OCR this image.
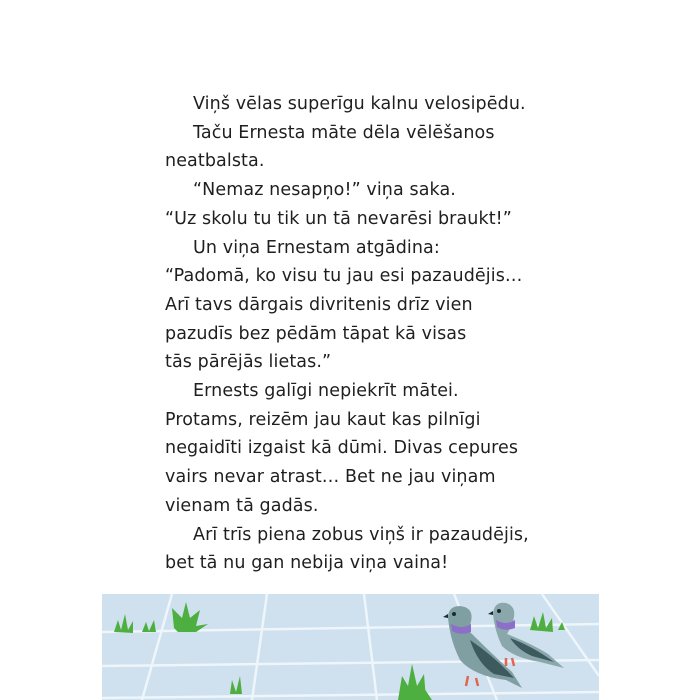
Viņš vēlas superīgu kalnu velosipēdu.
Taču Ernesta māte dēla vēlēšanos
neatbalsta.
“Nemaz nesapņo!” viņa saka.
“Uz skolu tu tik un tā nevarēsi braukt!”
Un viņa Ernestam atgādina:
“Padomā, ko visu tu jau esi pazaudējis…
Arī tavs dārgais divritenis drīz vien
pazudīs bez pēdām tāpat kā visas
tās pārējās lietas.”
Ernests galīgi nepiekrīt mātei.
Protams, reizēm jau kaut kas pilnīgi
negaidīti izgaist kā dūmi. Divas cepures
vairs nevar atrast… Bet ne jau viņam
vienam tā gadās.
Arī trīs piena zobus viņš ir pazaudējis,
bet tā nu gan nebija viņa vaina!
